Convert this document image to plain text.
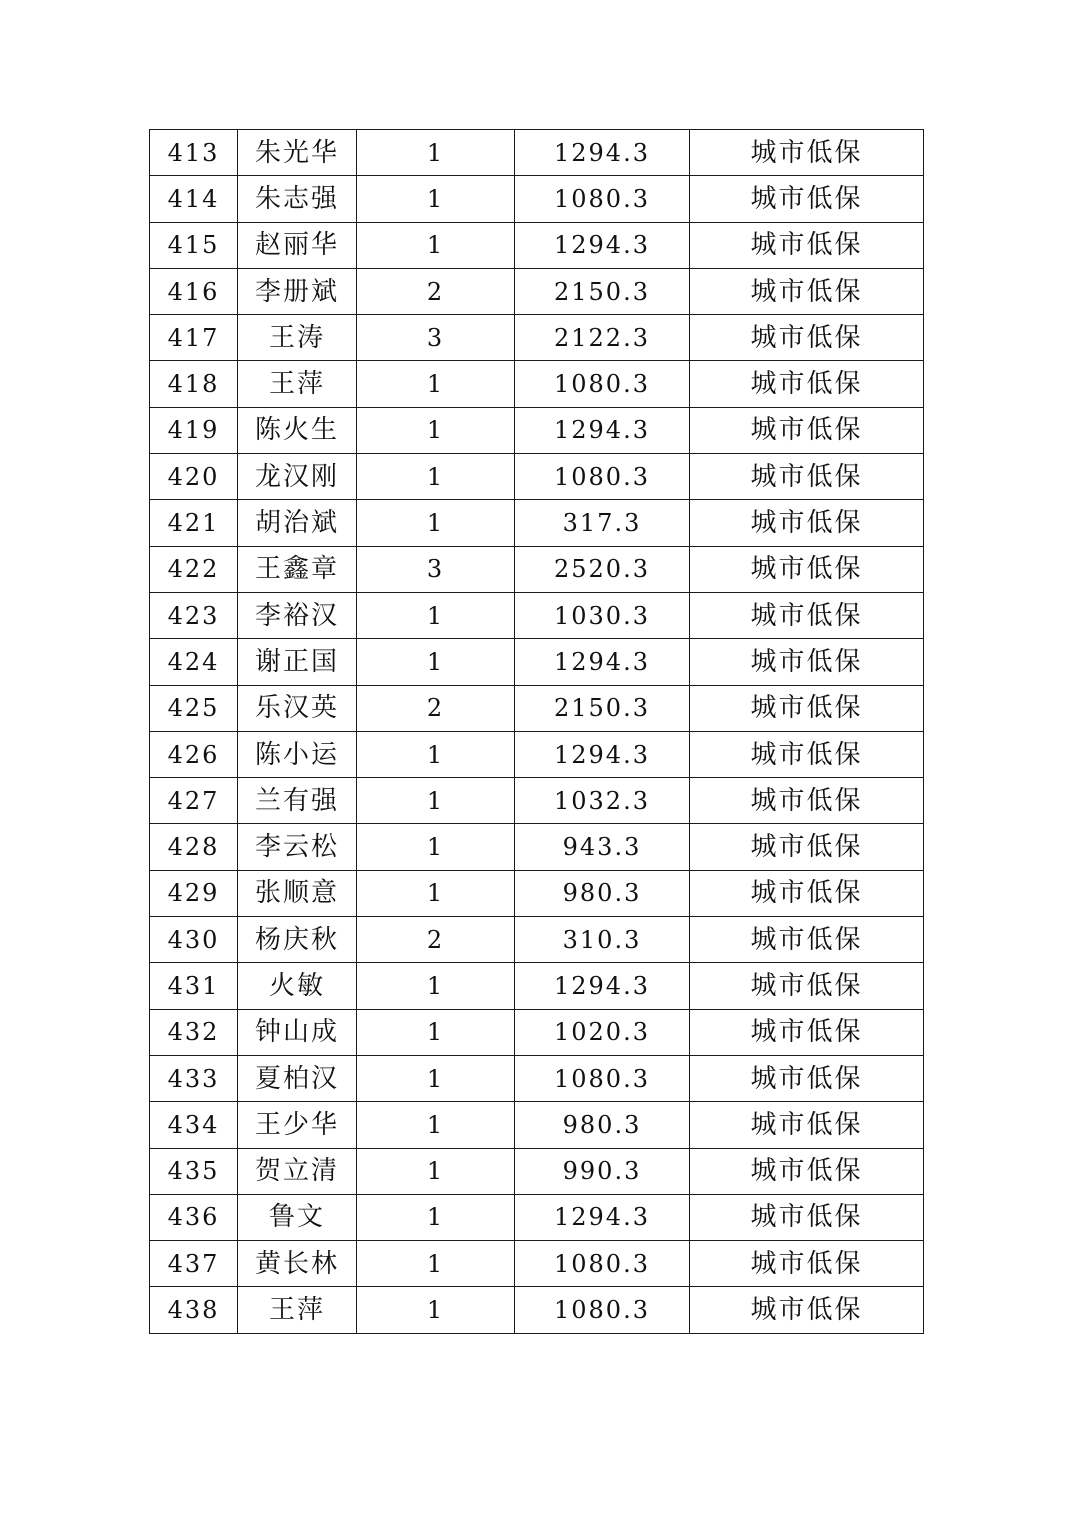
413	朱光华	1	1294.3	城市低保
414	朱志强	1	1080.3	城市低保
415	赵丽华	1	1294.3	城市低保
416	李册斌	2	2150.3	城市低保
417	王涛	3	2122.3	城市低保
418	王萍	1	1080.3	城市低保
419	陈火生	1	1294.3	城市低保
420	龙汉刚	1	1080.3	城市低保
421	胡治斌	1	317.3	城市低保
422	王鑫章	3	2520.3	城市低保
423	李裕汉	1	1030.3	城市低保
424	谢正国	1	1294.3	城市低保
425	乐汉英	2	2150.3	城市低保
426	陈小运	1	1294.3	城市低保
427	兰有强	1	1032.3	城市低保
428	李云松	1	943.3	城市低保
429	张顺意	1	980.3	城市低保
430	杨庆秋	2	310.3	城市低保
431	火敏	1	1294.3	城市低保
432	钟山成	1	1020.3	城市低保
433	夏柏汉	1	1080.3	城市低保
434	王少华	1	980.3	城市低保
435	贺立清	1	990.3	城市低保
436	鲁文	1	1294.3	城市低保
437	黄长林	1	1080.3	城市低保
438	王萍	1	1080.3	城市低保
